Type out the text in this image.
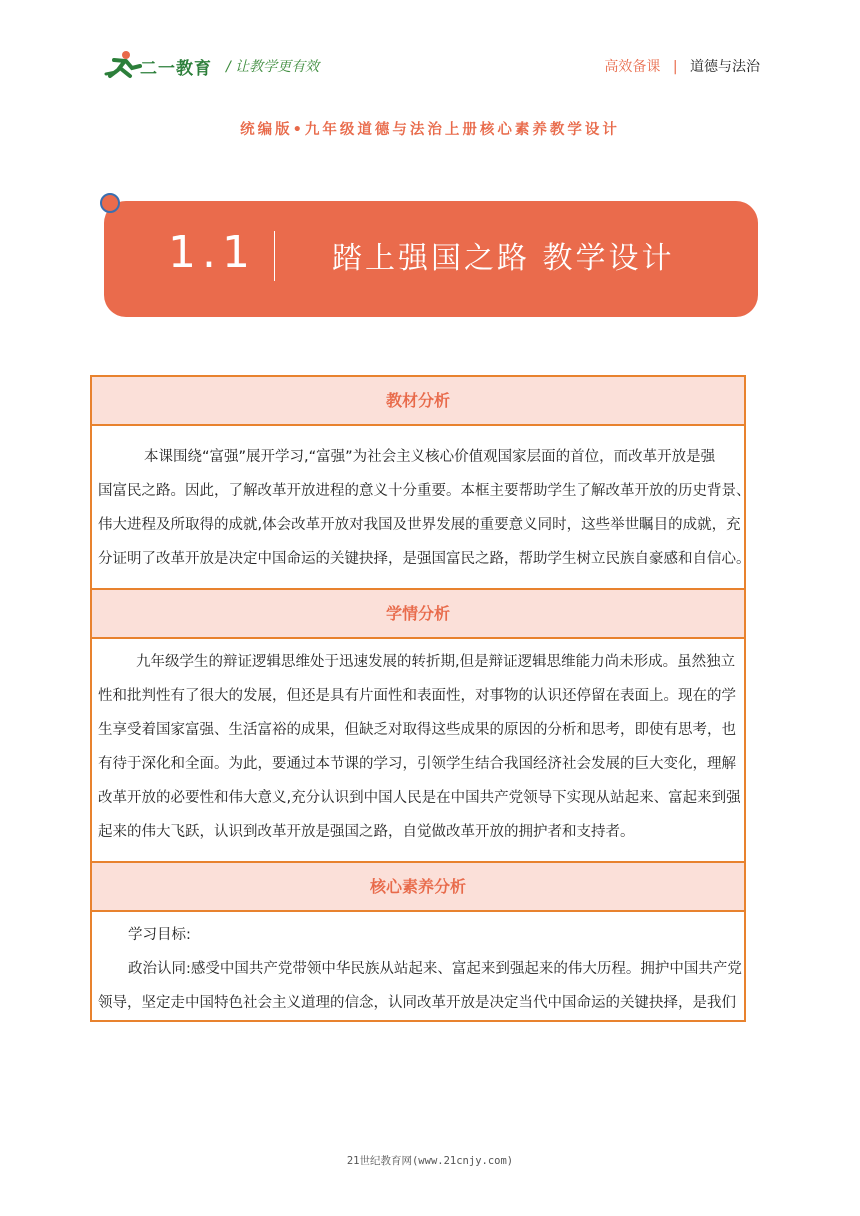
二一教育 / 让教学更有效	高效备课 | 道德与法治
统编版•九年级道德与法治上册核心素养教学设计
1.1	踏上强国之路 教学设计
教材分析
本课围绕“富强”展开学习,“富强”为社会主义核心价值观国家层面的首位，而改革开放是强
国富民之路。因此，了解改革开放进程的意义十分重要。本框主要帮助学生了解改革开放的历史背景、
伟大进程及所取得的成就,体会改革开放对我国及世界发展的重要意义同时，这些举世瞩目的成就，充
分证明了改革开放是决定中国命运的关键抉择，是强国富民之路，帮助学生树立民族自豪感和自信心。
学情分析
九年级学生的辩证逻辑思维处于迅速发展的转折期,但是辩证逻辑思维能力尚未形成。虽然独立
性和批判性有了很大的发展，但还是具有片面性和表面性，对事物的认识还停留在表面上。现在的学
生享受着国家富强、生活富裕的成果，但缺乏对取得这些成果的原因的分析和思考，即使有思考，也
有待于深化和全面。为此，要通过本节课的学习，引领学生结合我国经济社会发展的巨大变化，理解
改革开放的必要性和伟大意义,充分认识到中国人民是在中国共产党领导下实现从站起来、富起来到强
起来的伟大飞跃，认识到改革开放是强国之路，自觉做改革开放的拥护者和支持者。
核心素养分析
学习目标:
政治认同:感受中国共产党带领中华民族从站起来、富起来到强起来的伟大历程。拥护中国共产党
领导，坚定走中国特色社会主义道理的信念，认同改革开放是决定当代中国命运的关键抉择，是我们
21世纪教育网(www.21cnjy.com)
